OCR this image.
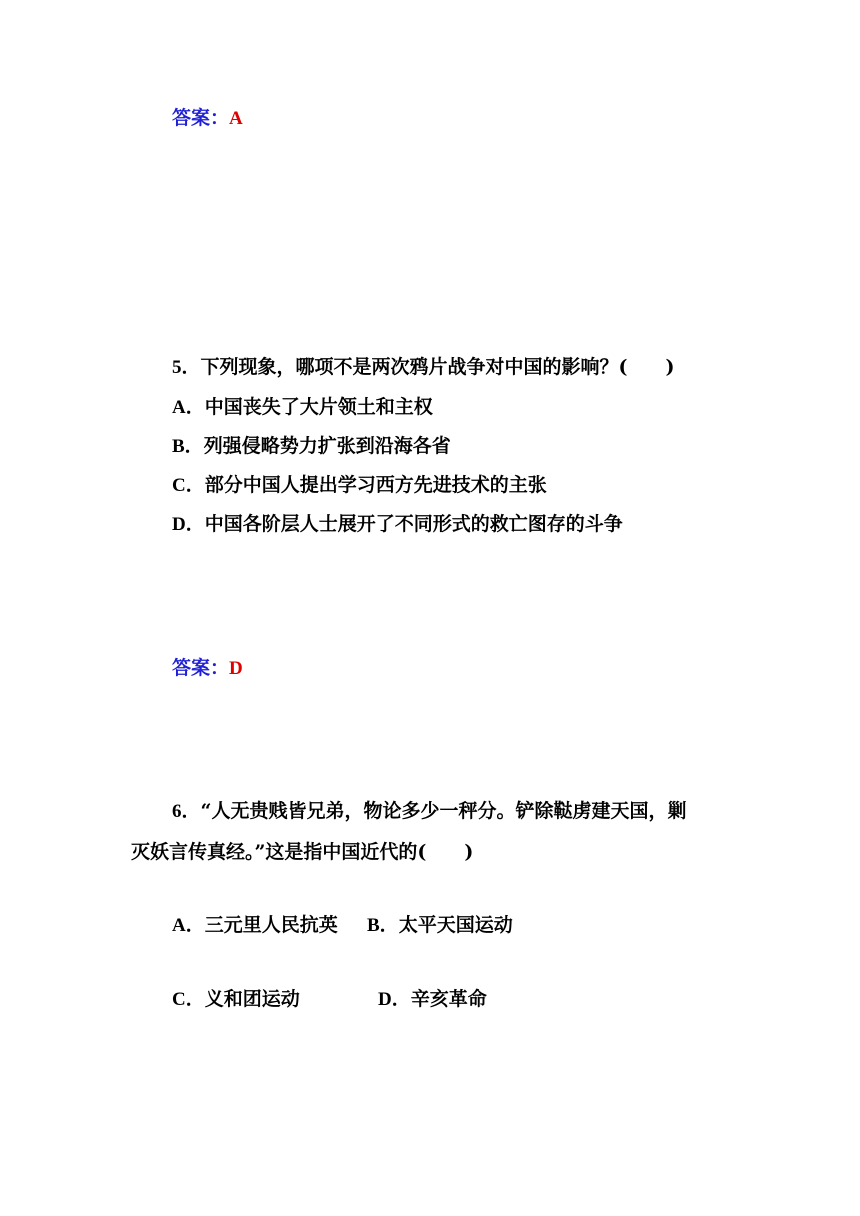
答案：A
5．下列现象，哪项不是两次鸦片战争对中国的影响？(　　)
A．中国丧失了大片领土和主权
B．列强侵略势力扩张到沿海各省
C．部分中国人提出学习西方先进技术的主张
D．中国各阶层人士展开了不同形式的救亡图存的斗争
答案：D
6．“人无贵贱皆兄弟，物论多少一秤分。铲除鞑虏建天国，剿
灭妖言传真经。”这是指中国近代的(　　)
A．三元里人民抗英 B．太平天国运动
C．义和团运动	D．辛亥革命
